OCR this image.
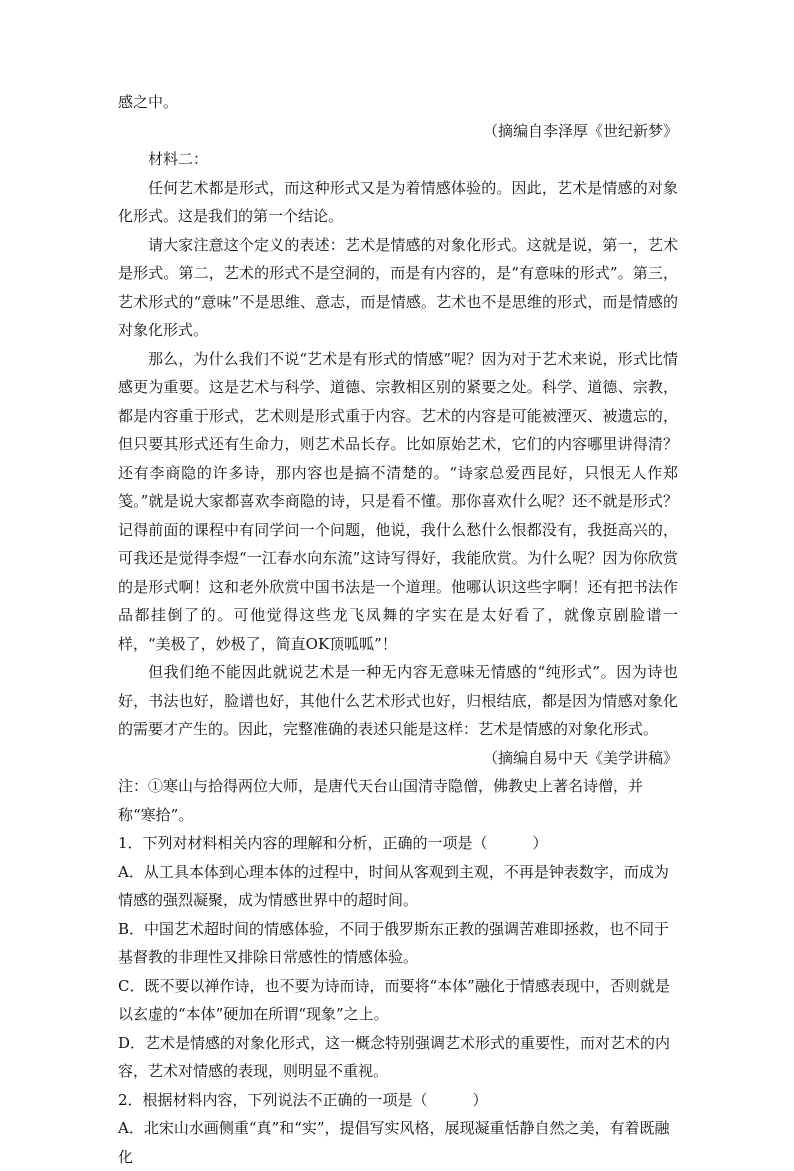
感之中。

（摘编自李泽厚《世纪新梦》

材料二：

任何艺术都是形式，而这种形式又是为着情感体验的。因此，艺术是情感的对象化形式。这是我们的第一个结论。

请大家注意这个定义的表述：艺术是情感的对象化形式。这就是说，第一，艺术是形式。第二，艺术的形式不是空洞的，而是有内容的，是“有意味的形式”。第三，艺术形式的“意味”不是思维、意志，而是情感。艺术也不是思维的形式，而是情感的对象化形式。

那么，为什么我们不说“艺术是有形式的情感”呢？因为对于艺术来说，形式比情感更为重要。这是艺术与科学、道德、宗教相区别的紧要之处。科学、道德、宗教，都是内容重于形式，艺术则是形式重于内容。艺术的内容是可能被湮灭、被遗忘的，但只要其形式还有生命力，则艺术品长存。比如原始艺术，它们的内容哪里讲得清？还有李商隐的许多诗，那内容也是搞不清楚的。“诗家总爱西昆好，只恨无人作郑笺。”就是说大家都喜欢李商隐的诗，只是看不懂。那你喜欢什么呢？还不就是形式？记得前面的课程中有同学问一个问题，他说，我什么愁什么恨都没有，我挺高兴的，可我还是觉得李煜“一江春水向东流”这诗写得好，我能欣赏。为什么呢？因为你欣赏的是形式啊！这和老外欣赏中国书法是一个道理。他哪认识这些字啊！还有把书法作品都挂倒了的。可他觉得这些龙飞凤舞的字实在是太好看了，就像京剧脸谱一样，“美极了，妙极了，简直OK顶呱呱”！

但我们绝不能因此就说艺术是一种无内容无意味无情感的“纯形式”。因为诗也好，书法也好，脸谱也好，其他什么艺术形式也好，归根结底，都是因为情感对象化的需要才产生的。因此，完整准确的表述只能是这样：艺术是情感的对象化形式。

（摘编自易中天《美学讲稿》

注：①寒山与拾得两位大师，是唐代天台山国清寺隐僧，佛教史上著名诗僧，并称“寒拾”。

1．下列对材料相关内容的理解和分析，正确的一项是（　　　）

A．从工具本体到心理本体的过程中，时间从客观到主观，不再是钟表数字，而成为情感的强烈凝聚，成为情感世界中的超时间。

B．中国艺术超时间的情感体验，不同于俄罗斯东正教的强调苦难即拯救，也不同于基督教的非理性又排除日常感性的情感体验。

C．既不要以禅作诗，也不要为诗而诗，而要将“本体”融化于情感表现中，否则就是以玄虚的“本体”硬加在所谓“现象”之上。

D．艺术是情感的对象化形式，这一概念特别强调艺术形式的重要性，而对艺术的内容，艺术对情感的表现，则明显不重视。

2．根据材料内容，下列说法不正确的一项是（　　　）

A．北宋山水画侧重“真”和“实”，提倡写实风格，展现凝重恬静自然之美，有着既融化
